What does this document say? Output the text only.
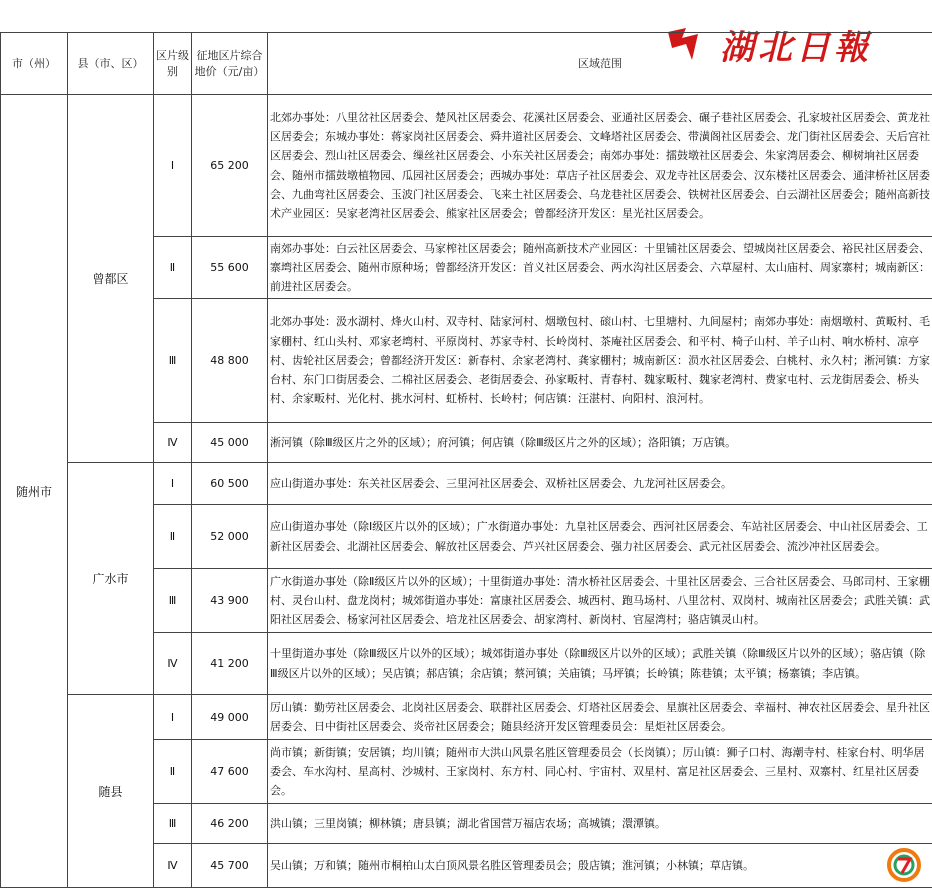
湖北日報
市（州）	县（市、区）	区片级别	征地区片综合地价（元/亩）	区域范围
随州市	曾都区	Ⅰ	65 200	北郊办事处：八里岔社区居委会、楚风社区居委会、花溪社区居委会、亚通社区居委会、碾子巷社区居委会、孔家坡社区居委会、黄龙社区居委会；东城办事处：蒋家岗社区居委会、舜井道社区居委会、文峰塔社区居委会、带潢阁社区居委会、龙门街社区居委会、天后宫社区居委会、烈山社区居委会、缫丝社区居委会、小东关社区居委会；南郊办事处：擂鼓墩社区居委会、朱家湾居委会、柳树垧社区居委会、随州市擂鼓墩植物园、瓜园社区居委会；西城办事处：草店子社区居委会、双龙寺社区居委会、汉东楼社区居委会、通津桥社区居委会、九曲弯社区居委会、玉波门社区居委会、飞来土社区居委会、乌龙巷社区居委会、铁树社区居委会、白云湖社区居委会；随州高新技术产业园区：吴家老湾社区居委会、熊家社区居委会；曾都经济开发区：星光社区居委会。
		Ⅱ	55 600	南郊办事处：白云社区居委会、马家榨社区居委会；随州高新技术产业园区：十里铺社区居委会、望城岗社区居委会、裕民社区居委会、寨塆社区居委会、随州市原种场；曾都经济开发区：首义社区居委会、两水沟社区居委会、六草屋村、太山庙村、周家寨村；城南新区：前进社区居委会。
		Ⅲ	48 800	北郊办事处：汲水湖村、烽火山村、双寺村、陆家河村、烟墩包村、磙山村、七里塘村、九间屋村；南郊办事处：南烟墩村、黄畈村、毛家棚村、红山头村、邓家老塆村、平原岗村、苏家寺村、长岭岗村、茶庵社区居委会、和平村、椅子山村、羊子山村、响水桥村、凉亭村、齿轮社区居委会；曾都经济开发区：新春村、余家老湾村、龚家棚村；城南新区：涢水社区居委会、白桃村、永久村；淅河镇：方家台村、东门口街居委会、二棉社区居委会、老街居委会、孙家畈村、青春村、魏家畈村、魏家老湾村、费家屯村、云龙街居委会、桥头村、余家畈村、光化村、挑水河村、虹桥村、长岭村；何店镇：汪湛村、向阳村、浪河村。
		Ⅳ	45 000	淅河镇（除Ⅲ级区片之外的区域）；府河镇；何店镇（除Ⅲ级区片之外的区域）；洛阳镇；万店镇。
	广水市	Ⅰ	60 500	应山街道办事处：东关社区居委会、三里河社区居委会、双桥社区居委会、九龙河社区居委会。
		Ⅱ	52 000	应山街道办事处（除Ⅰ级区片以外的区域）；广水街道办事处：九皇社区居委会、西河社区居委会、车站社区居委会、中山社区居委会、工新社区居委会、北湖社区居委会、解放社区居委会、芦兴社区居委会、强力社区居委会、武元社区居委会、流沙冲社区居委会。
		Ⅲ	43 900	广水街道办事处（除Ⅱ级区片以外的区域）；十里街道办事处：清水桥社区居委会、十里社区居委会、三合社区居委会、马郎司村、王家棚村、灵台山村、盘龙岗村；城郊街道办事处：富康社区居委会、城西村、跑马场村、八里岔村、双岗村、城南社区居委会；武胜关镇：武阳社区居委会、杨家河社区居委会、培龙社区居委会、胡家湾村、新岗村、官屋湾村；骆店镇灵山村。
		Ⅳ	41 200	十里街道办事处（除Ⅲ级区片以外的区域）；城郊街道办事处（除Ⅲ级区片以外的区域）；武胜关镇（除Ⅲ级区片以外的区域）；骆店镇（除Ⅲ级区片以外的区域）；吴店镇；郝店镇；余店镇；蔡河镇；关庙镇；马坪镇；长岭镇；陈巷镇；太平镇；杨寨镇；李店镇。
	随县	Ⅰ	49 000	厉山镇：勤劳社区居委会、北岗社区居委会、联群社区居委会、灯塔社区居委会、星旗社区居委会、幸福村、神农社区居委会、星升社区居委会、日中街社区居委会、炎帝社区居委会；随县经济开发区管理委员会：星炬社区居委会。
		Ⅱ	47 600	尚市镇；新街镇；安居镇；均川镇；随州市大洪山风景名胜区管理委员会（长岗镇）；厉山镇：狮子口村、海潮寺村、桂家台村、明华居委会、车水沟村、星高村、沙城村、王家岗村、东方村、同心村、宇宙村、双星村、富足社区居委会、三星村、双寨村、红星社区居委会。
		Ⅲ	46 200	洪山镇；三里岗镇；柳林镇；唐县镇；湖北省国营万福店农场；高城镇；澴潭镇。
		Ⅳ	45 700	吴山镇；万和镇；随州市桐柏山太白顶风景名胜区管理委员会；殷店镇；淮河镇；小林镇；草店镇。
